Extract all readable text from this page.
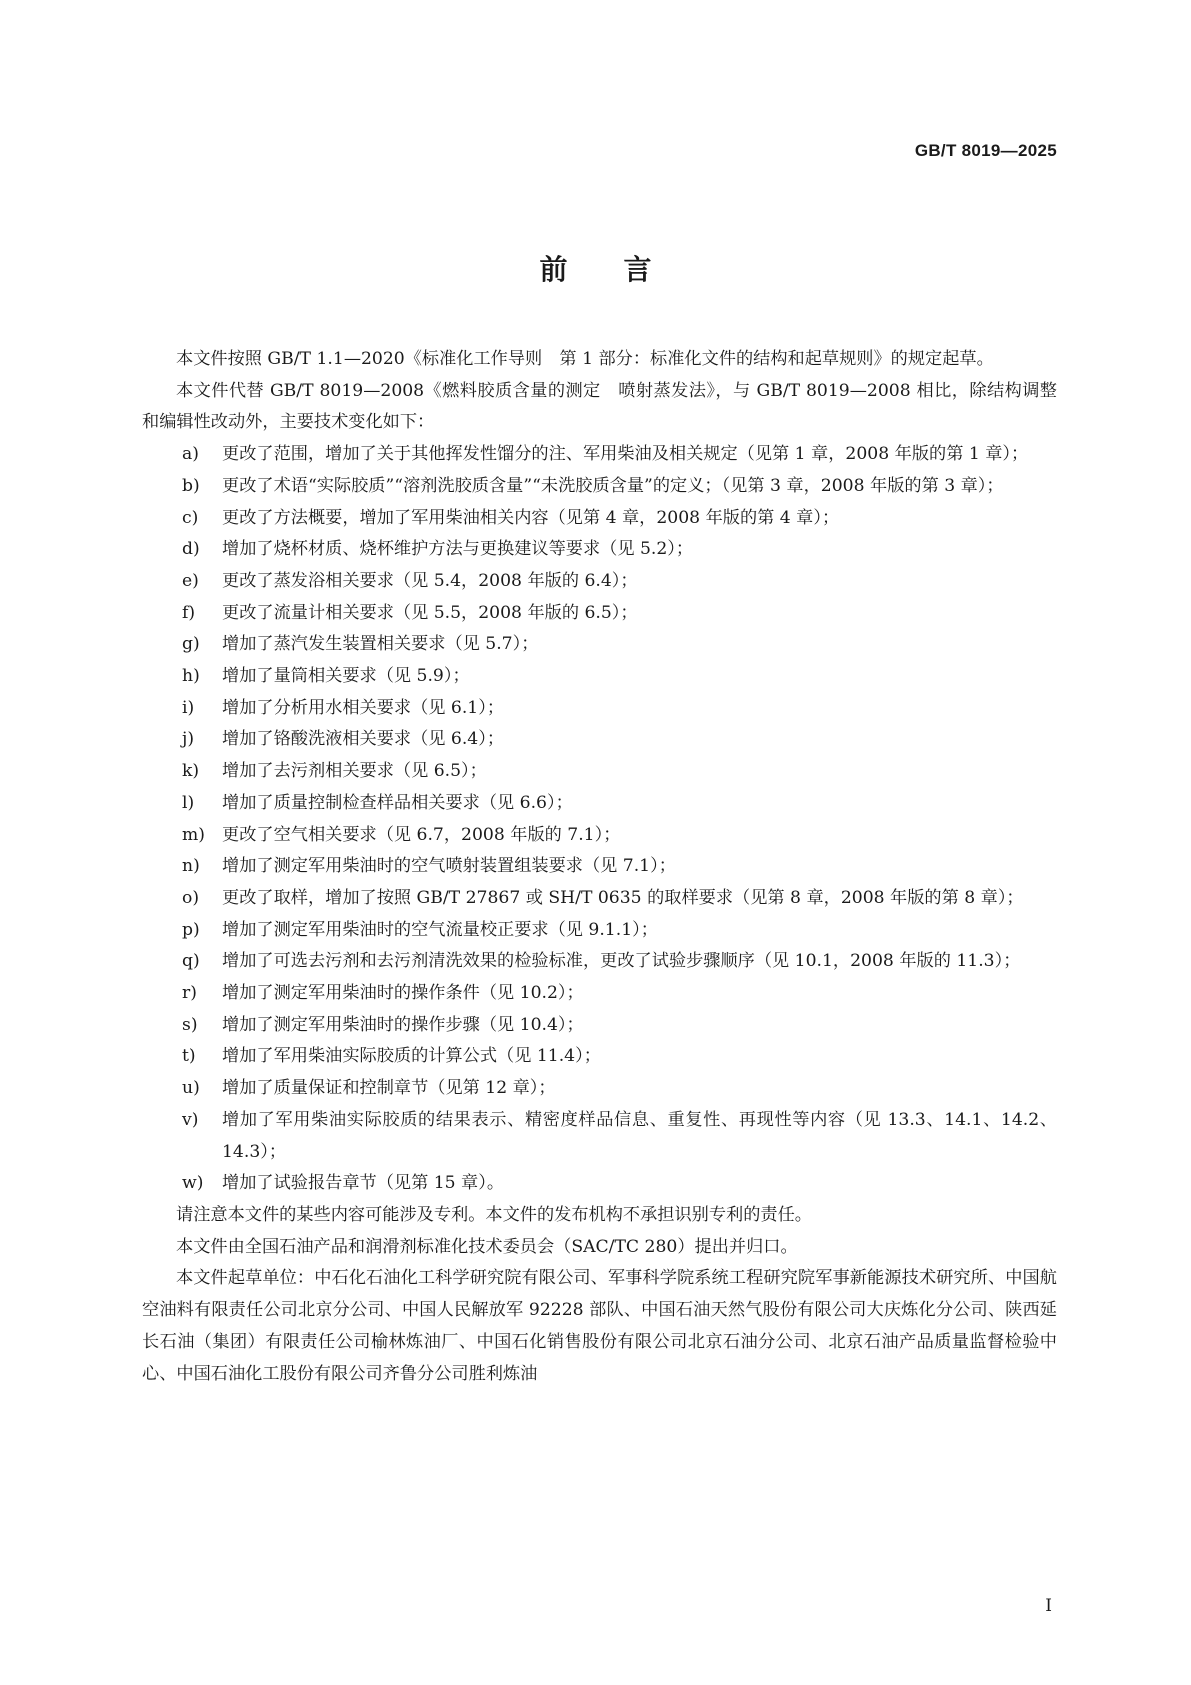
GB/T 8019—2025
前 言

本文件按照 GB/T 1.1—2020《标准化工作导则　第 1 部分：标准化文件的结构和起草规则》的规定起草。

本文件代替 GB/T 8019—2008《燃料胶质含量的测定　喷射蒸发法》，与 GB/T 8019—2008 相比，除结构调整和编辑性改动外，主要技术变化如下：

a) 更改了范围，增加了关于其他挥发性馏分的注、军用柴油及相关规定（见第 1 章，2008 年版的第 1 章）；
b) 更改了术语“实际胶质”“溶剂洗胶质含量”“未洗胶质含量”的定义；（见第 3 章，2008 年版的第 3 章）；
c) 更改了方法概要，增加了军用柴油相关内容（见第 4 章，2008 年版的第 4 章）；
d) 增加了烧杯材质、烧杯维护方法与更换建议等要求（见 5.2）；
e) 更改了蒸发浴相关要求（见 5.4，2008 年版的 6.4）；
f) 更改了流量计相关要求（见 5.5，2008 年版的 6.5）；
g) 增加了蒸汽发生装置相关要求（见 5.7）；
h) 增加了量筒相关要求（见 5.9）；
i) 增加了分析用水相关要求（见 6.1）；
j) 增加了铬酸洗液相关要求（见 6.4）；
k) 增加了去污剂相关要求（见 6.5）；
l) 增加了质量控制检查样品相关要求（见 6.6）；
m) 更改了空气相关要求（见 6.7，2008 年版的 7.1）；
n) 增加了测定军用柴油时的空气喷射装置组装要求（见 7.1）；
o) 更改了取样，增加了按照 GB/T 27867 或 SH/T 0635 的取样要求（见第 8 章，2008 年版的第 8 章）；
p) 增加了测定军用柴油时的空气流量校正要求（见 9.1.1）；
q) 增加了可选去污剂和去污剂清洗效果的检验标准，更改了试验步骤顺序（见 10.1，2008 年版的 11.3）；
r) 增加了测定军用柴油时的操作条件（见 10.2）；
s) 增加了测定军用柴油时的操作步骤（见 10.4）；
t) 增加了军用柴油实际胶质的计算公式（见 11.4）；
u) 增加了质量保证和控制章节（见第 12 章）；
v) 增加了军用柴油实际胶质的结果表示、精密度样品信息、重复性、再现性等内容（见 13.3、14.1、14.2、14.3）；
w) 增加了试验报告章节（见第 15 章）。

请注意本文件的某些内容可能涉及专利。本文件的发布机构不承担识别专利的责任。

本文件由全国石油产品和润滑剂标准化技术委员会（SAC/TC 280）提出并归口。

本文件起草单位：中石化石油化工科学研究院有限公司、军事科学院系统工程研究院军事新能源技术研究所、中国航空油料有限责任公司北京分公司、中国人民解放军 92228 部队、中国石油天然气股份有限公司大庆炼化分公司、陕西延长石油（集团）有限责任公司榆林炼油厂、中国石化销售股份有限公司北京石油分公司、北京石油产品质量监督检验中心、中国石油化工股份有限公司齐鲁分公司胜利炼油

I
